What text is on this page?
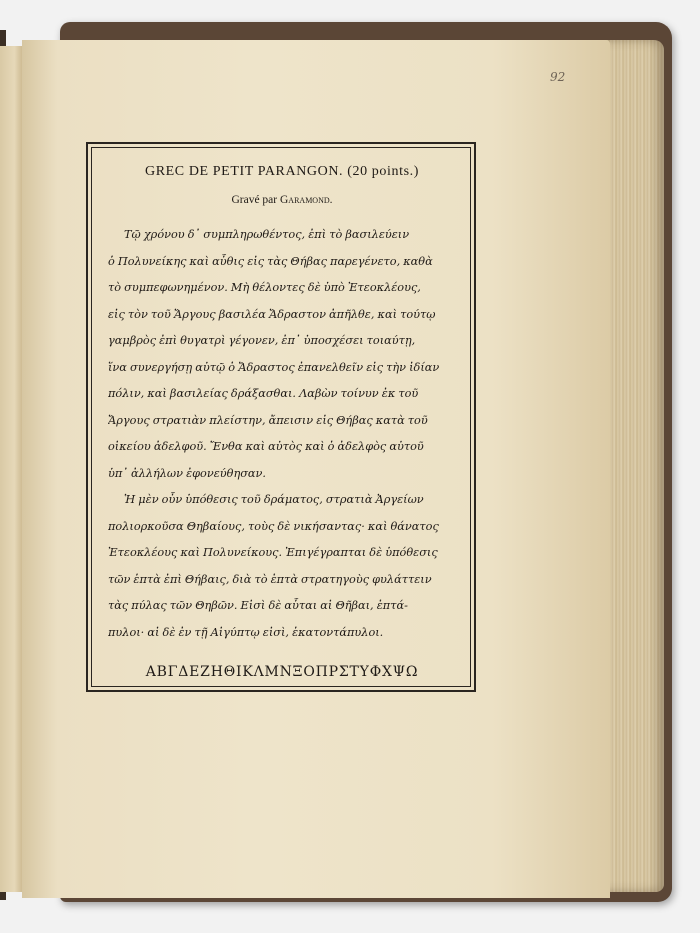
92

GREC DE PETIT PARANGON. (20 points.)

Gravé par Garamond.
Τῷ χρόνου δ᾽ συμπληρωθέντος, ἐπὶ τὸ βασιλεύειν
ὁ Πολυνείκης καὶ αὖθις εἰς τὰς Θήβας παρεγένετο, καθὰ
τὸ συμπεφωνημένον. Μὴ θέλοντες δὲ ὑπὸ Ἐτεοκλέους,
εἰς τὸν τοῦ Ἄργους βασιλέα Ἄδραστον ἀπῆλθε, καὶ τούτῳ
γαμβρὸς ἐπὶ θυγατρὶ γέγονεν, ἐπ᾽ ὑποσχέσει τοιαύτῃ,
ἵνα συνεργήσῃ αὐτῷ ὁ Ἄδραστος ἐπανελθεῖν εἰς τὴν ἰδίαν
πόλιν, καὶ βασιλείας δράξασθαι. Λαβὼν τοίνυν ἐκ τοῦ
Ἄργους στρατιὰν πλείστην, ἄπεισιν εἰς Θήβας κατὰ τοῦ
οἰκείου ἀδελφοῦ. Ἔνθα καὶ αὐτὸς καὶ ὁ ἀδελφὸς αὐτοῦ
ὑπ᾽ ἀλλήλων ἐφονεύθησαν.
Ἡ μὲν οὖν ὑπόθεσις τοῦ δράματος, στρατιὰ Ἀργείων
πολιορκοῦσα Θηβαίους, τοὺς δὲ νικήσαντας· καὶ θάνατος
Ἐτεοκλέους καὶ Πολυνείκους. Ἐπιγέγραπται δὲ ὑπόθεσις
τῶν ἑπτὰ ἐπὶ Θήβαις, διὰ τὸ ἑπτὰ στρατηγοὺς φυλάττειν
τὰς πύλας τῶν Θηβῶν. Εἰσὶ δὲ αὗται αἱ Θῆβαι, ἑπτά-
πυλοι· αἱ δὲ ἐν τῇ Αἰγύπτῳ εἰσὶ, ἑκατοντάπυλοι.
ΑΒΓΔΕΖΗΘΙΚΛΜΝΞΟΠΡΣΤΥΦΧΨΩ
